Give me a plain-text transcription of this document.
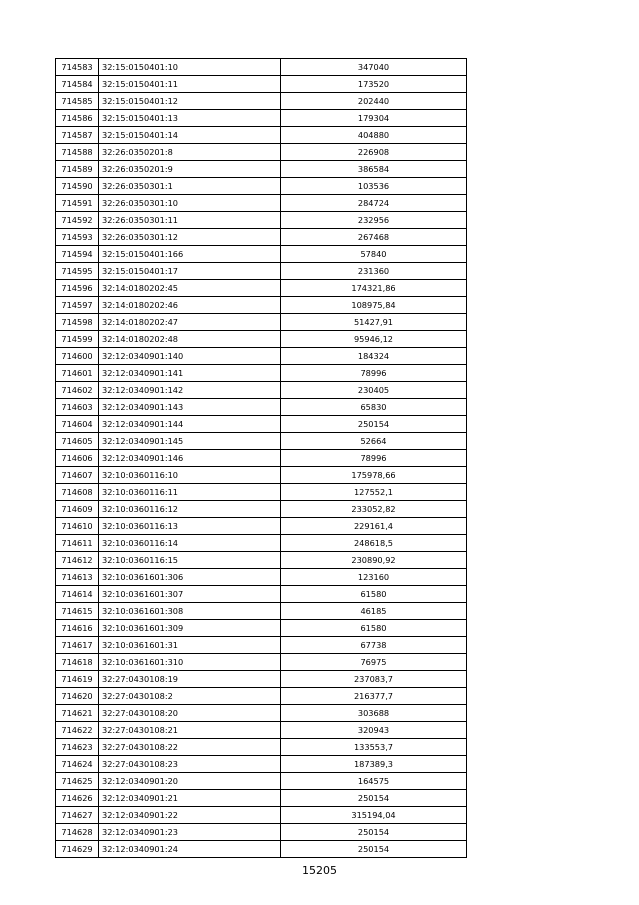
714583	32:15:0150401:10	347040
714584	32:15:0150401:11	173520
714585	32:15:0150401:12	202440
714586	32:15:0150401:13	179304
714587	32:15:0150401:14	404880
714588	32:26:0350201:8	226908
714589	32:26:0350201:9	386584
714590	32:26:0350301:1	103536
714591	32:26:0350301:10	284724
714592	32:26:0350301:11	232956
714593	32:26:0350301:12	267468
714594	32:15:0150401:166	57840
714595	32:15:0150401:17	231360
714596	32:14:0180202:45	174321,86
714597	32:14:0180202:46	108975,84
714598	32:14:0180202:47	51427,91
714599	32:14:0180202:48	95946,12
714600	32:12:0340901:140	184324
714601	32:12:0340901:141	78996
714602	32:12:0340901:142	230405
714603	32:12:0340901:143	65830
714604	32:12:0340901:144	250154
714605	32:12:0340901:145	52664
714606	32:12:0340901:146	78996
714607	32:10:0360116:10	175978,66
714608	32:10:0360116:11	127552,1
714609	32:10:0360116:12	233052,82
714610	32:10:0360116:13	229161,4
714611	32:10:0360116:14	248618,5
714612	32:10:0360116:15	230890,92
714613	32:10:0361601:306	123160
714614	32:10:0361601:307	61580
714615	32:10:0361601:308	46185
714616	32:10:0361601:309	61580
714617	32:10:0361601:31	67738
714618	32:10:0361601:310	76975
714619	32:27:0430108:19	237083,7
714620	32:27:0430108:2	216377,7
714621	32:27:0430108:20	303688
714622	32:27:0430108:21	320943
714623	32:27:0430108:22	133553,7
714624	32:27:0430108:23	187389,3
714625	32:12:0340901:20	164575
714626	32:12:0340901:21	250154
714627	32:12:0340901:22	315194,04
714628	32:12:0340901:23	250154
714629	32:12:0340901:24	250154
15205
